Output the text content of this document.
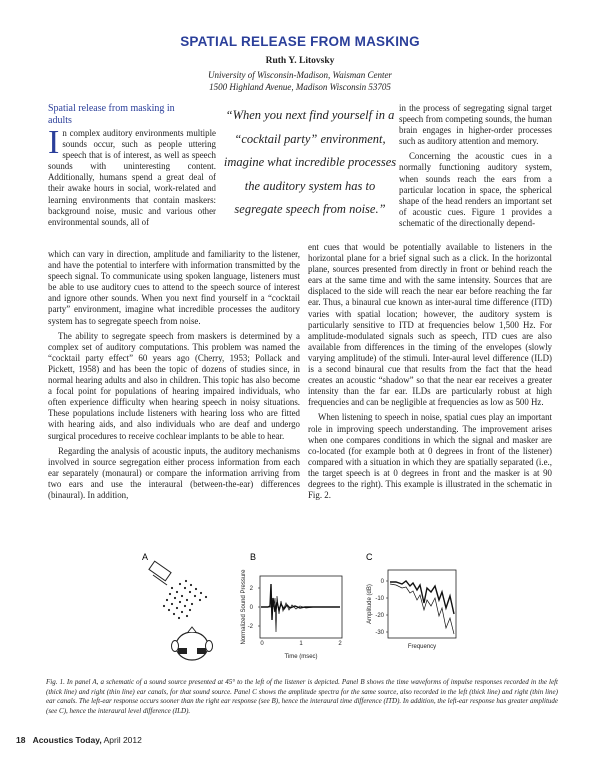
SPATIAL RELEASE FROM MASKING
Ruth Y. Litovsky
University of Wisconsin-Madison, Waisman Center
1500 Highland Avenue, Madison Wisconsin 53705
Spatial release from masking in adults

In complex auditory environments multiple sounds occur, such as people uttering speech that is of interest, as well as speech sounds with uninteresting content. Additionally, humans spend a great deal of their awake hours in social, work-related and learning environments that contain maskers: background noise, music and various other environmental sounds, all of

“When you next find yourself in a “cocktail party” environment, imagine what incredible processes the auditory system has to segregate speech from noise.”

in the process of segregating signal target speech from competing sounds, the human brain engages in higher-order processes such as auditory attention and memory.

Concerning the acoustic cues in a normally functioning auditory system, when sounds reach the ears from a particular location in space, the spherical shape of the head renders an important set of acoustic cues. Figure 1 provides a schematic of the directionally depend-

which can vary in direction, amplitude and familiarity to the listener, and have the potential to interfere with information transmitted by the speech signal. To communicate using spoken language, listeners must be able to use auditory cues to attend to the speech source of interest and ignore other sounds. When you next find yourself in a “cocktail party” environment, imagine what incredible processes the auditory system has to segregate speech from noise.

The ability to segregate speech from maskers is determined by a complex set of auditory computations. This problem was named the “cocktail party effect” 60 years ago (Cherry, 1953; Pollack and Pickett, 1958) and has been the topic of dozens of studies since, in normal hearing adults and also in children. This topic has also become a focal point for populations of hearing impaired individuals, who often experience difficulty when hearing speech in noisy situations. These populations include listeners with hearing loss who are fitted with hearing aids, and also individuals who are deaf and undergo surgical procedures to receive cochlear implants to be able to hear.

Regarding the analysis of acoustic inputs, the auditory mechanisms involved in source segregation either process information from each ear separately (monaural) or compare the information arriving from two ears and use the interaural (between-the-ear) differences (binaural). In addition,

ent cues that would be potentially available to listeners in the horizontal plane for a brief signal such as a click. In the horizontal plane, sources presented from directly in front or behind reach the ears at the same time and with the same intensity. Sources that are displaced to the side will reach the near ear before reaching the far ear. Thus, a binaural cue known as inter-aural time difference (ITD) varies with spatial location; however, the auditory system is particularly sensitive to ITD at frequencies below 1,500 Hz. For amplitude-modulated signals such as speech, ITD cues are also available from differences in the timing of the envelopes (slowly varying amplitude) of the stimuli. Inter-aural level difference (ILD) is a second binaural cue that results from the fact that the head creates an acoustic “shadow” so that the near ear receives a greater intensity than the far ear. ILDs are particularly robust at high frequencies and can be negligible at frequencies as low as 500 Hz.

When listening to speech in noise, spatial cues play an important role in improving speech understanding. The improvement arises when one compares conditions in which the signal and masker are co-located (for example both at 0 degrees in front of the listener) compared with a situation in which they are spatially separated (i.e., the target speech is at 0 degrees in front and the masker is at 90 degrees to the right). This example is illustrated in the schematic in Fig. 2.

A	B
2
0
-2
0	1	2
Time (msec)
Normalized Sound Pressure
C
0
-10
-20
-30
Frequency
Amplitude (dB)
Fig. 1. In panel A, a schematic of a sound source presented at 45° to the left of the listener is depicted. Panel B shows the time waveforms of impulse responses recorded in the left (thick line) and right (thin line) ear canals, for that sound source. Panel C shows the amplitude spectra for the same source, also recorded in the left (thick line) and right (thin line) ear canals. The left-ear response occurs sooner than the right ear response (see B), hence the interaural time difference (ITD). In addition, the left-ear response has greater amplitude (see C), hence the interaural level difference (ILD).
18 Acoustics Today, April 2012
